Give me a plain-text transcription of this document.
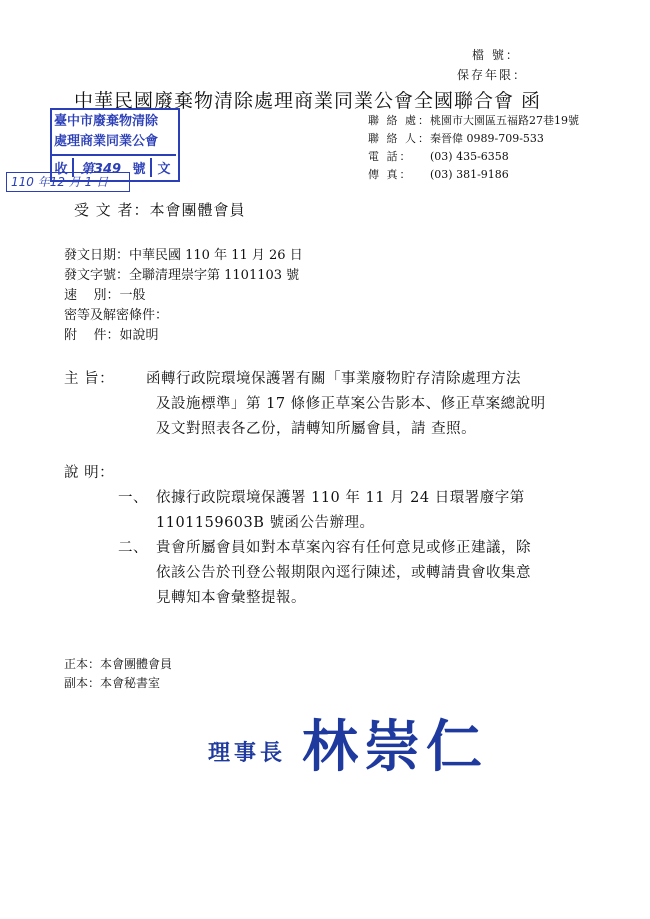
檔 號：
保存年限：
中華民國廢棄物清除處理商業同業公會全國聯合會 函
臺中市廢棄物清除
處理商業同業公會
收	第349 號 文
110 年12 月 1 日
聯 絡 處：桃園市大園區五福路27巷19號
聯 絡 人：秦晉偉 0989-709-533
電 話： (03) 435-6358
傳 真： (03) 381-9186
受 文 者：本會團體會員
發文日期：中華民國 110 年 11 月 26 日
發文字號：全聯清理崇字第 1101103 號
速    別：一般
密等及解密條件：
附    件：如說明
主 旨： 函轉行政院環境保護署有關「事業廢物貯存清除處理方法
及設施標準」第 17 條修正草案公告影本、修正草案總說明
及文對照表各乙份，請轉知所屬會員，請 查照。
說 明：
一、 依據行政院環境保護署 110 年 11 月 24 日環署廢字第
1101159603B 號函公告辦理。
二、 貴會所屬會員如對本草案內容有任何意見或修正建議，除
依該公告於刊登公報期限內逕行陳述，或轉請貴會收集意
見轉知本會彙整提報。
正本：本會團體會員
副本：本會秘書室
理事長 林崇仁
